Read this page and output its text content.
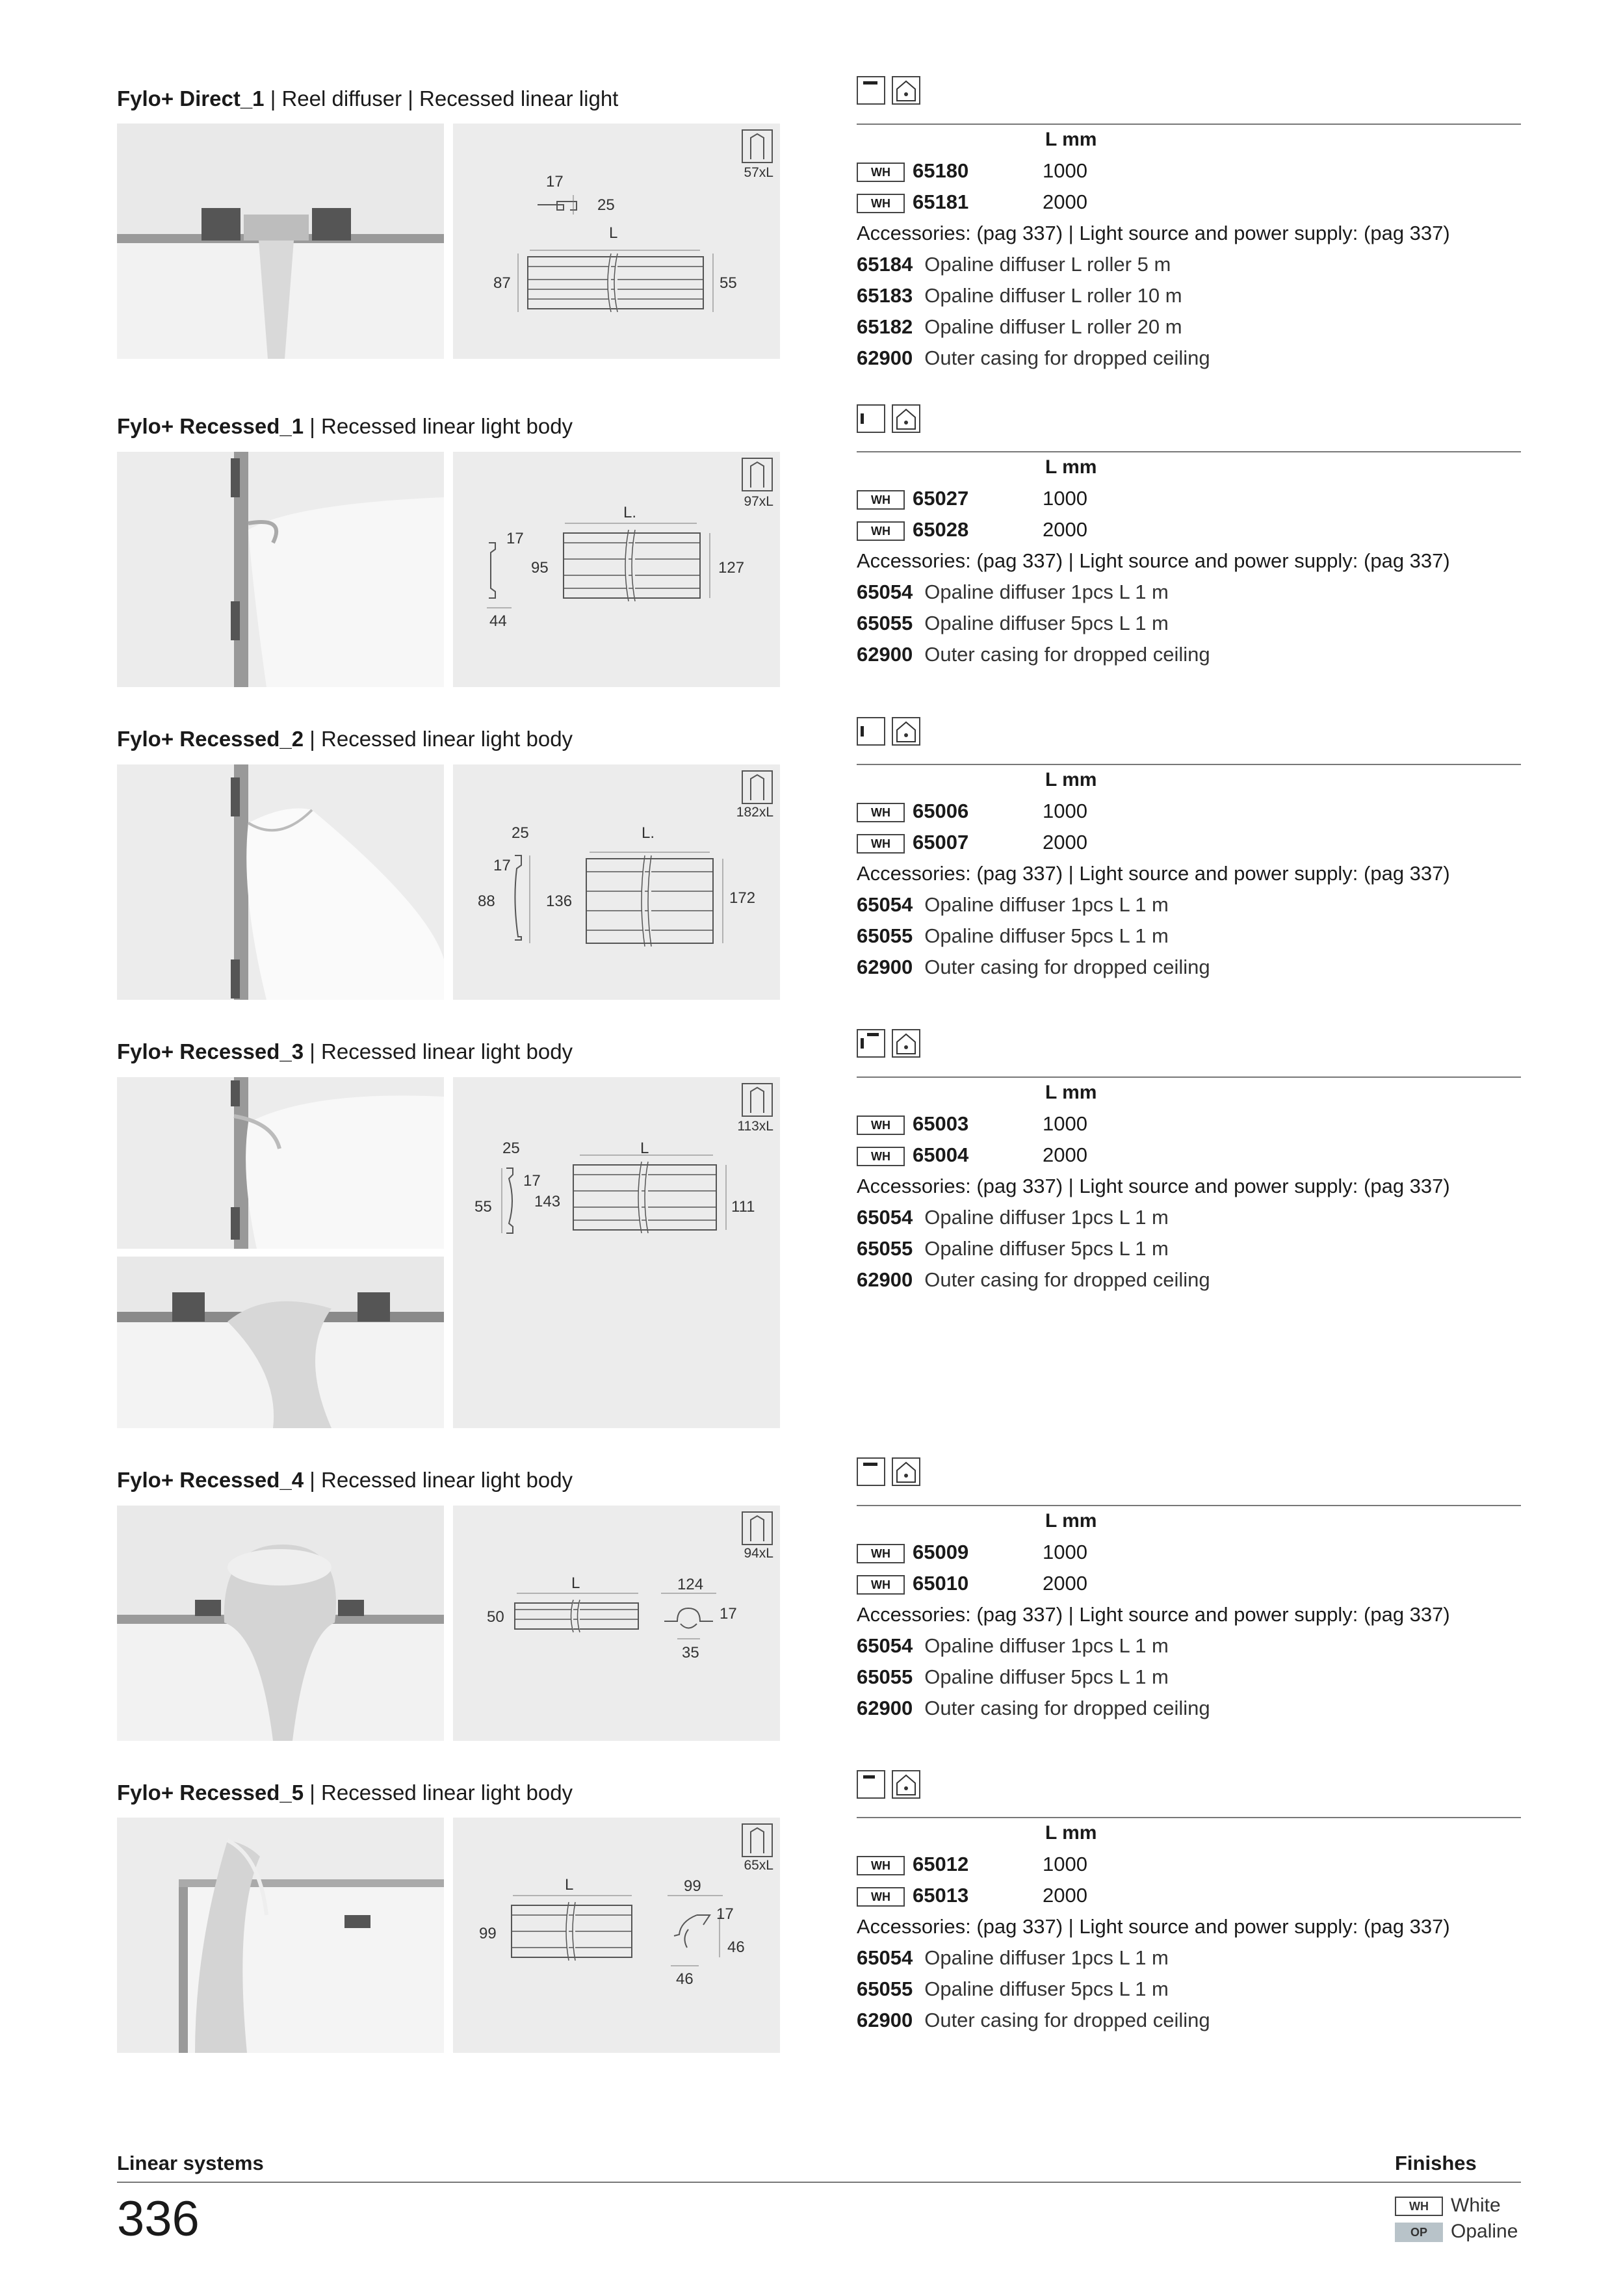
Fylo+ Direct_1 | Reel diffuser | Recessed linear light
57xL
17
25
L
87	55
L mm
WH 65180	1000
WH 65181	2000
Accessories: (pag 337) | Light source and power supply: (pag 337)
65184 Opaline diffuser L roller 5 m
65183 Opaline diffuser L roller 10 m
65182 Opaline diffuser L roller 20 m
62900 Outer casing for dropped ceiling
Fylo+ Recessed_1 | Recessed linear light body
97xL
L.
17
95	127
44
L mm
WH 65027	1000
WH 65028	2000
Accessories: (pag 337) | Light source and power supply: (pag 337)
65054 Opaline diffuser 1pcs L 1 m
65055 Opaline diffuser 5pcs L 1 m
62900 Outer casing for dropped ceiling
Fylo+ Recessed_2 | Recessed linear light body
182xL
25	L.
17
88	136	172
L mm
WH 65006	1000
WH 65007	2000
Accessories: (pag 337) | Light source and power supply: (pag 337)
65054 Opaline diffuser 1pcs L 1 m
65055 Opaline diffuser 5pcs L 1 m
62900 Outer casing for dropped ceiling
Fylo+ Recessed_3 | Recessed linear light body
113xL
25	L
17
55	143	111
L mm
WH 65003	1000
WH 65004	2000
Accessories: (pag 337) | Light source and power supply: (pag 337)
65054 Opaline diffuser 1pcs L 1 m
65055 Opaline diffuser 5pcs L 1 m
62900 Outer casing for dropped ceiling
Fylo+ Recessed_4 | Recessed linear light body
94xL
L	124
50	17
35
L mm
WH 65009	1000
WH 65010	2000
Accessories: (pag 337) | Light source and power supply: (pag 337)
65054 Opaline diffuser 1pcs L 1 m
65055 Opaline diffuser 5pcs L 1 m
62900 Outer casing for dropped ceiling
Fylo+ Recessed_5 | Recessed linear light body
65xL
L	99
17
99
46
46
L mm
WH 65012	1000
WH 65013	2000
Accessories: (pag 337) | Light source and power supply: (pag 337)
65054 Opaline diffuser 1pcs L 1 m
65055 Opaline diffuser 5pcs L 1 m
62900 Outer casing for dropped ceiling
Linear systems	Finishes
336	WH White
OP Opaline
